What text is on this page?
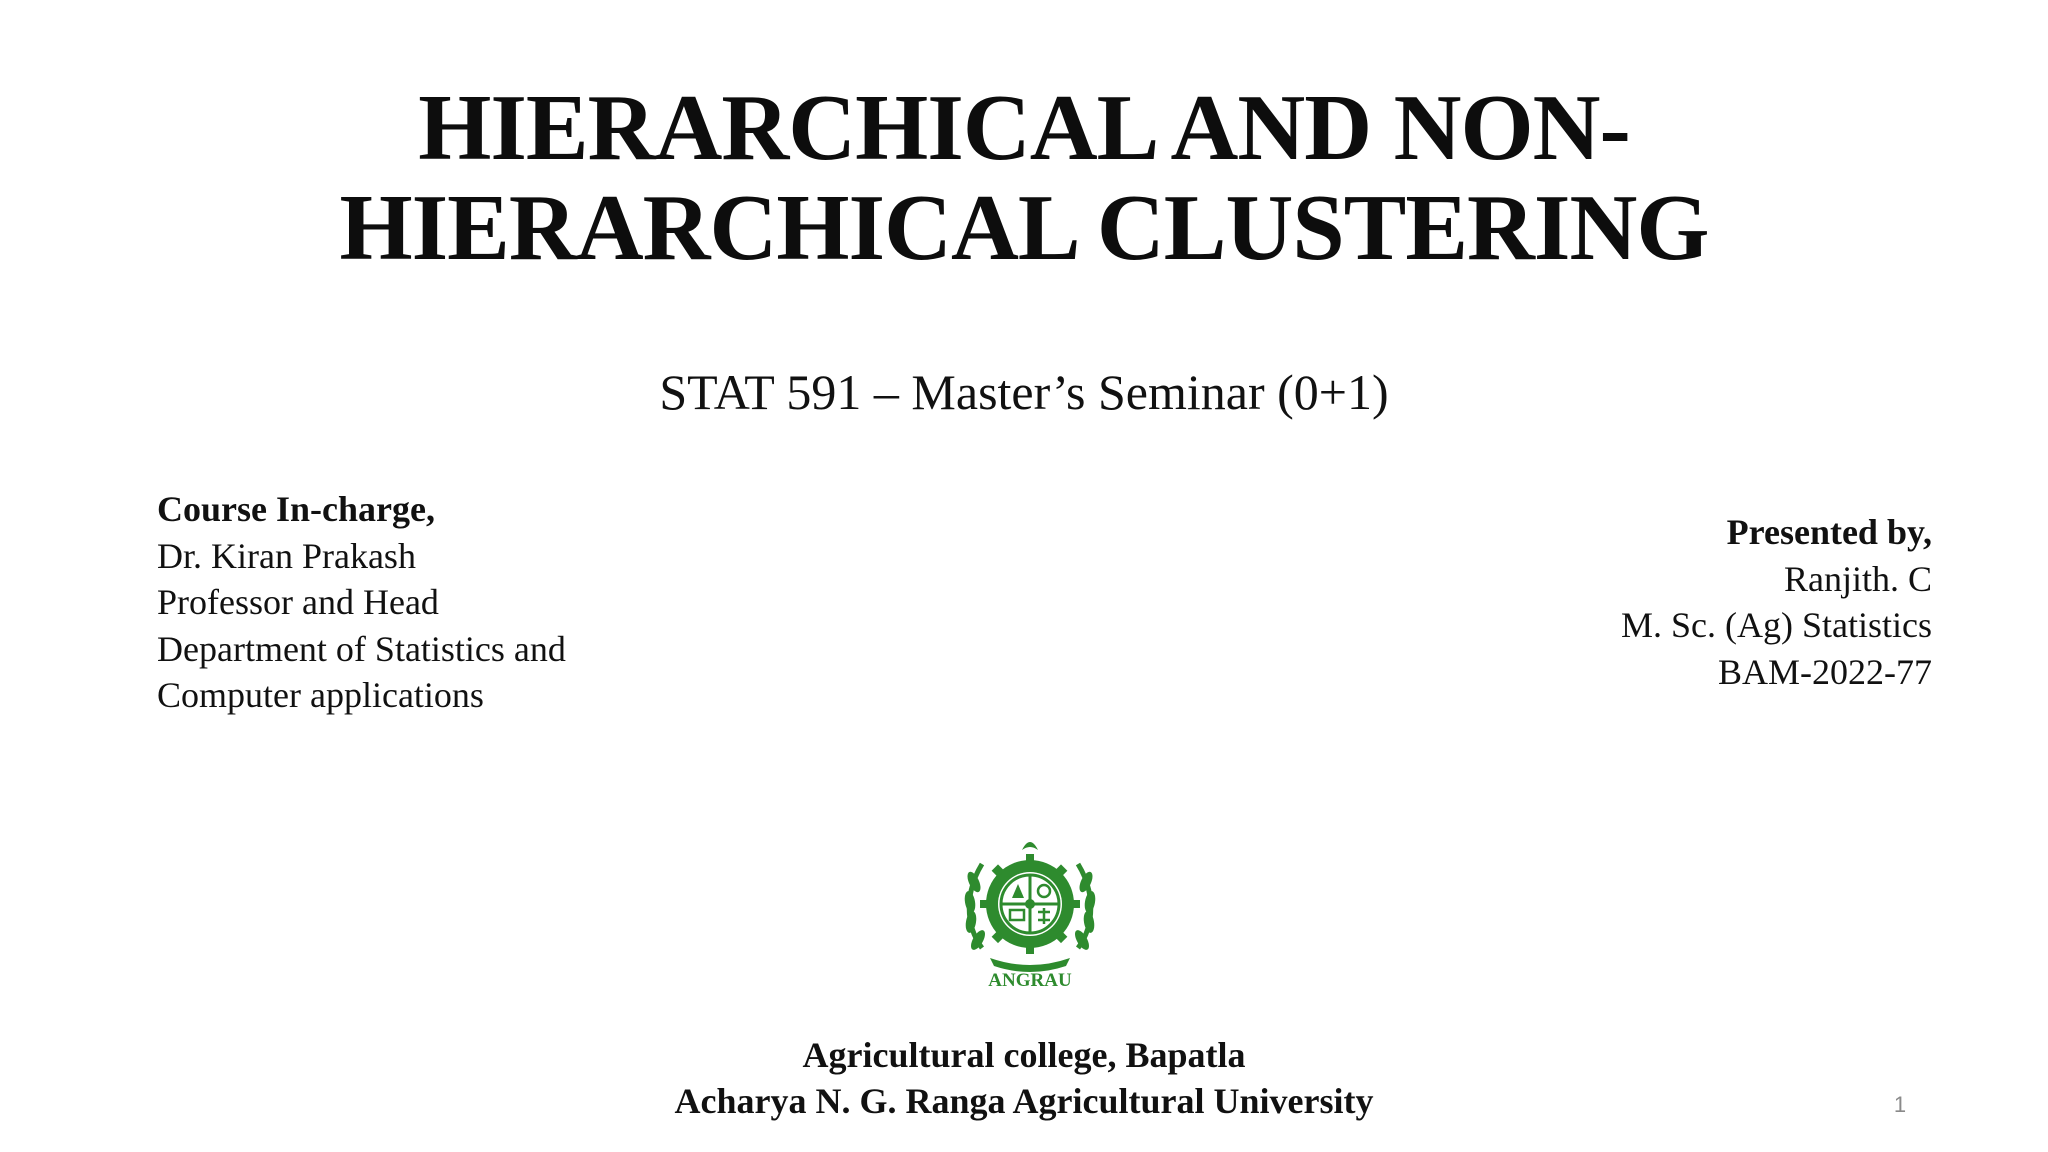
HIERARCHICAL AND NON-
HIERARCHICAL CLUSTERING
STAT 591 – Master’s Seminar (0+1)
Course In-charge,
Dr. Kiran Prakash
Professor and Head
Department of Statistics and
Computer applications
Presented by,
Ranjith. C
M. Sc. (Ag) Statistics
BAM-2022-77
ANGRAU
Agricultural college, Bapatla
Acharya N. G. Ranga Agricultural University	1
